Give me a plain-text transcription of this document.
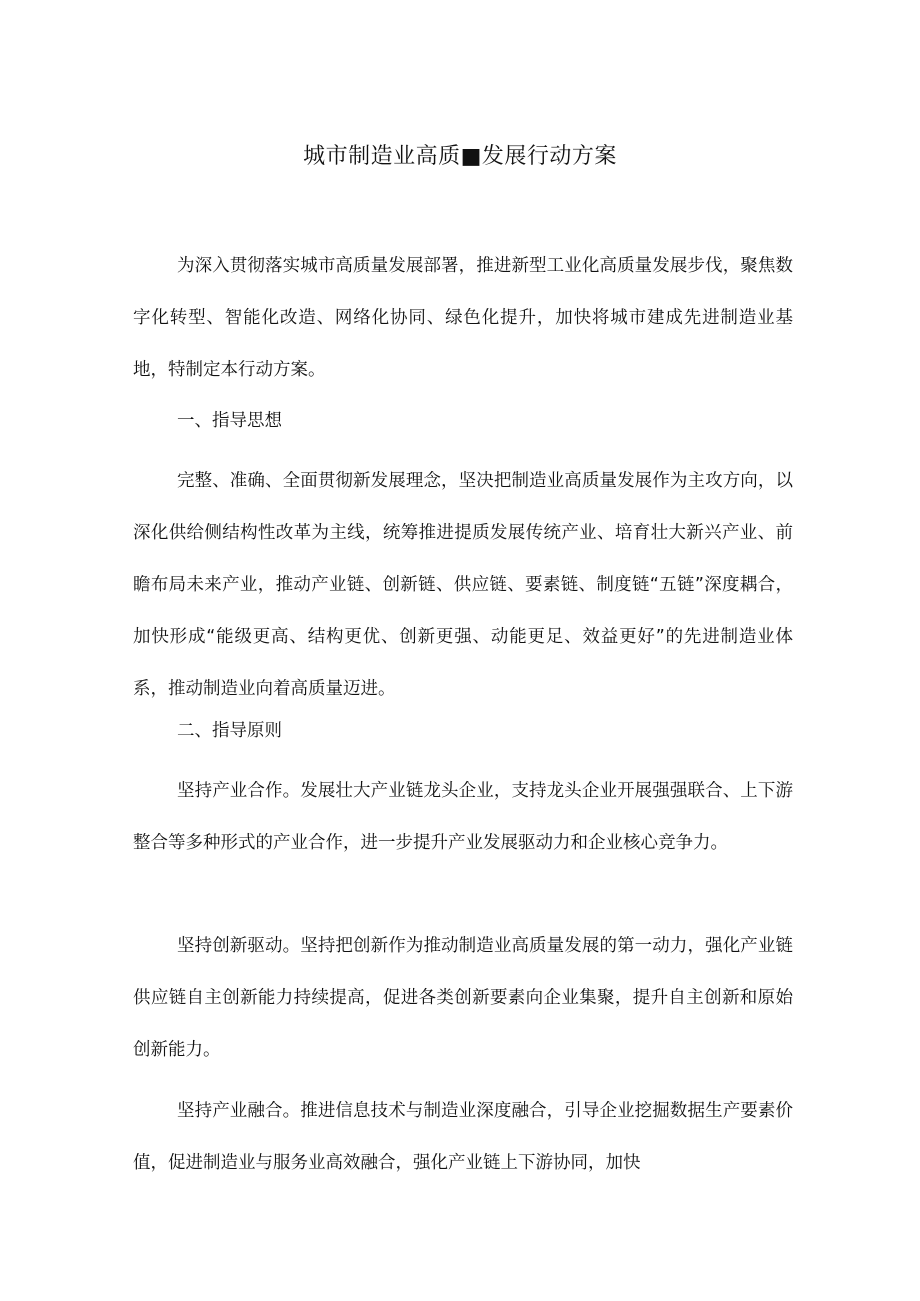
城市制造业高质■发展行动方案

为深入贯彻落实城市高质量发展部署，推进新型工业化高质量发展步伐，聚焦数字化转型、智能化改造、网络化协同、绿色化提升，加快将城市建成先进制造业基地，特制定本行动方案。

一、指导思想

完整、准确、全面贯彻新发展理念，坚决把制造业高质量发展作为主攻方向，以深化供给侧结构性改革为主线，统筹推进提质发展传统产业、培育壮大新兴产业、前瞻布局未来产业，推动产业链、创新链、供应链、要素链、制度链“五链”深度耦合，加快形成“能级更高、结构更优、创新更强、动能更足、效益更好”的先进制造业体系，推动制造业向着高质量迈进。

二、指导原则

坚持产业合作。发展壮大产业链龙头企业，支持龙头企业开展强强联合、上下游整合等多种形式的产业合作，进一步提升产业发展驱动力和企业核心竞争力。

坚持创新驱动。坚持把创新作为推动制造业高质量发展的第一动力，强化产业链供应链自主创新能力持续提高，促进各类创新要素向企业集聚，提升自主创新和原始创新能力。

坚持产业融合。推进信息技术与制造业深度融合，引导企业挖掘数据生产要素价值，促进制造业与服务业高效融合，强化产业链上下游协同，加快
